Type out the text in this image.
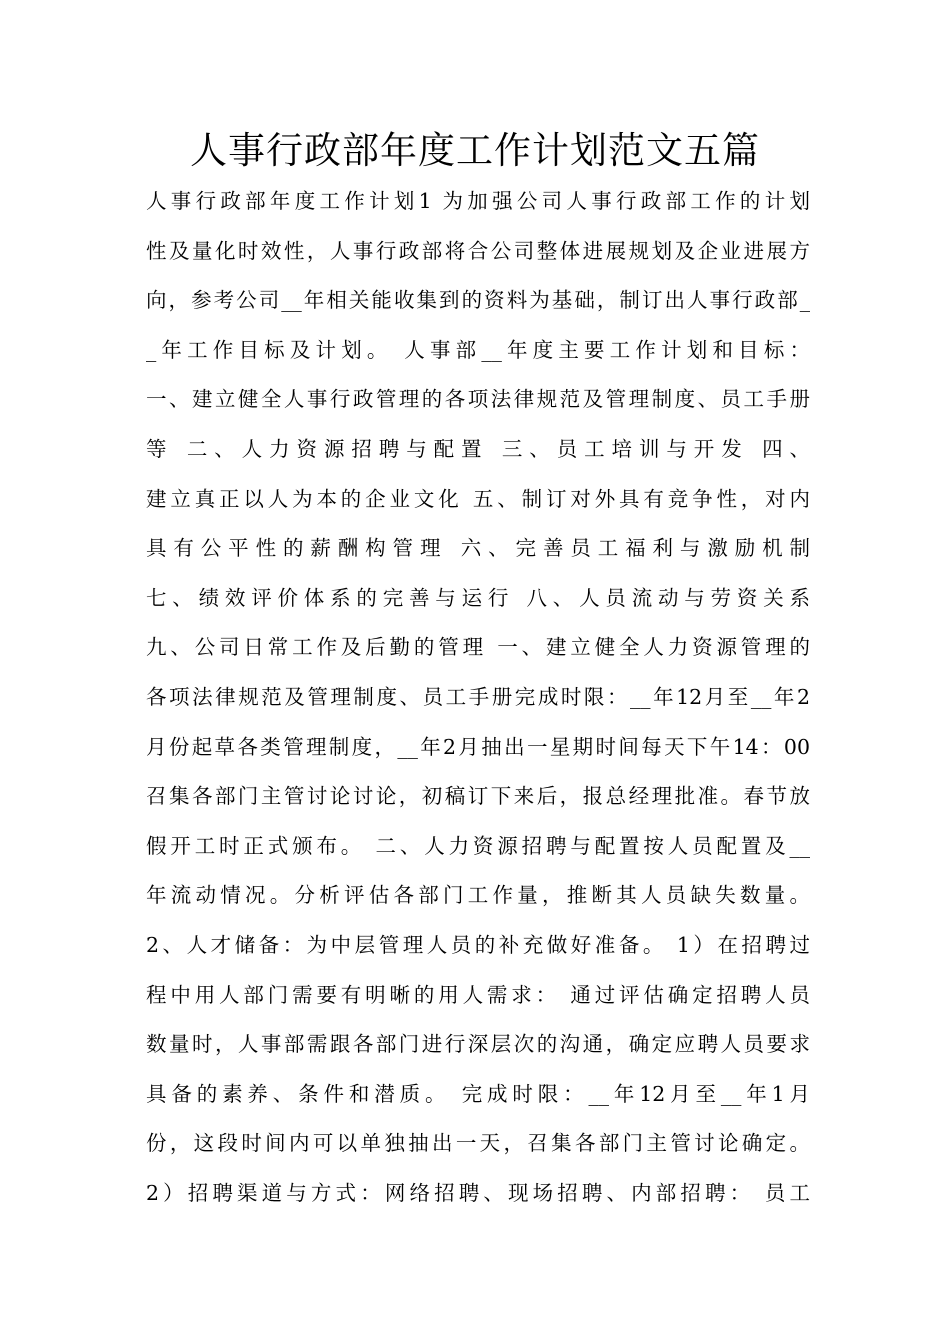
人事行政部年度工作计划范文五篇
人事行政部年度工作计划1 为加强公司人事行政部工作的计划
性及量化时效性，人事行政部将合公司整体进展规划及企业进展方
向，参考公司__年相关能收集到的资料为基础，制订出人事行政部_
_年工作目标及计划。 人事部__年度主要工作计划和目标：
一、建立健全人事行政管理的各项法律规范及管理制度、员工手册
等 二、人力资源招聘与配置 三、员工培训与开发 四、
建立真正以人为本的企业文化 五、制订对外具有竞争性，对内
具有公平性的薪酬构管理 六、完善员工福利与激励机制
七、绩效评价体系的完善与运行 八、人员流动与劳资关系
九、公司日常工作及后勤的管理 一、建立健全人力资源管理的
各项法律规范及管理制度、员工手册完成时限：__年12月至__年2
月份起草各类管理制度，__年2月抽出一星期时间每天下午14：00
召集各部门主管讨论讨论，初稿订下来后，报总经理批准。春节放
假开工时正式颁布。 二、人力资源招聘与配置按人员配置及__
年流动情况。分析评估各部门工作量，推断其人员缺失数量。
2、人才储备：为中层管理人员的补充做好准备。 1）在招聘过
程中用人部门需要有明晰的用人需求： 通过评估确定招聘人员
数量时，人事部需跟各部门进行深层次的沟通，确定应聘人员要求
具备的素养、条件和潜质。 完成时限：__年12月至__年1月
份，这段时间内可以单独抽出一天，召集各部门主管讨论确定。
2）招聘渠道与方式：网络招聘、现场招聘、内部招聘： 员工
